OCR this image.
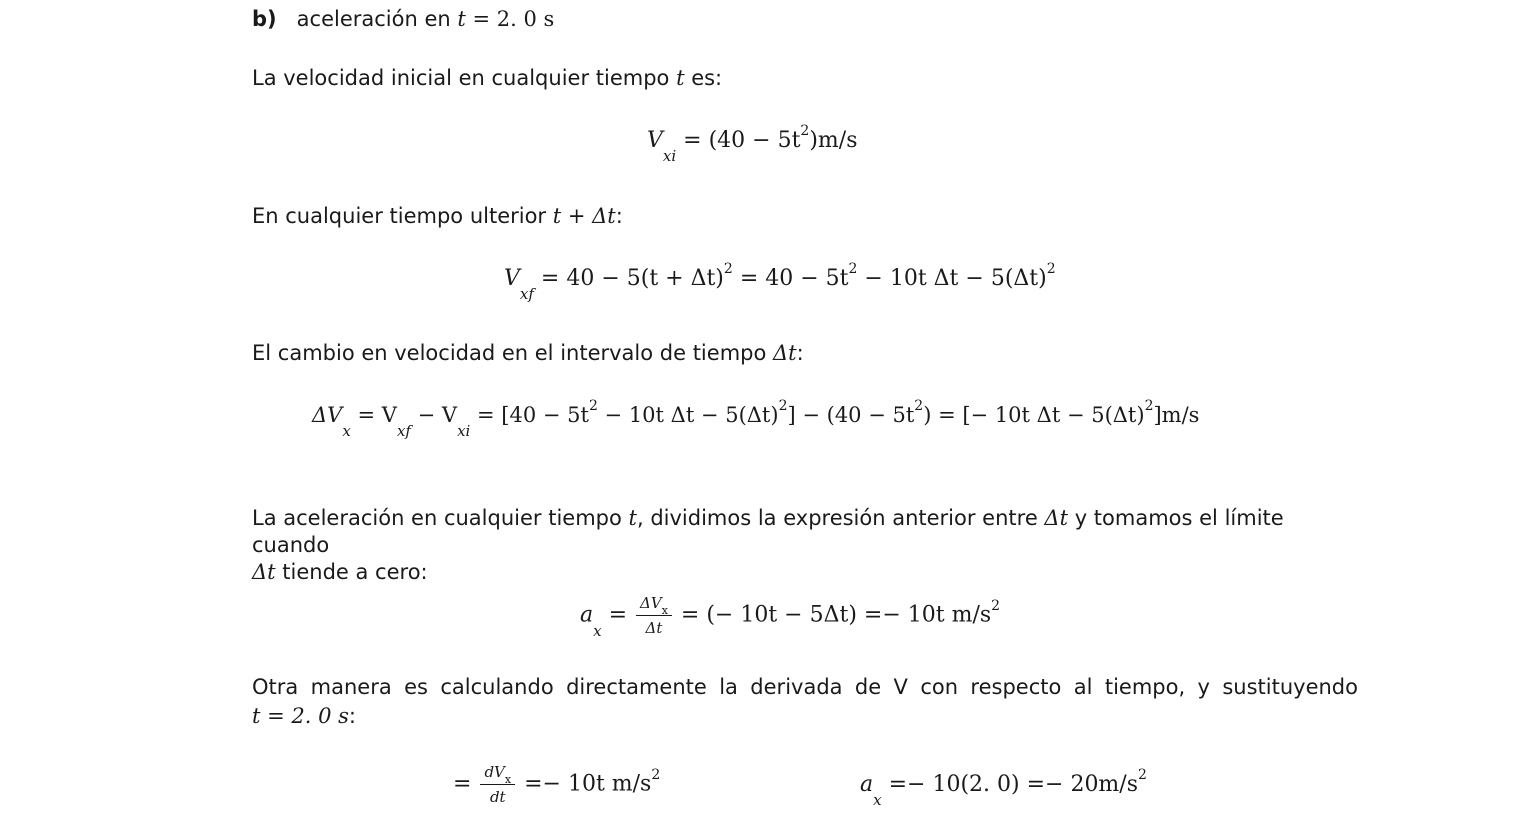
b) aceleración en t = 2. 0 s
La velocidad inicial en cualquier tiempo t es:
$V_{xi} = (40 - 5t^2)m/s$
En cualquier tiempo ulterior t + Δt:
$V_{xf} = 40 - 5(t + \Delta t)^2 = 40 - 5t^2 - 10t$ $\Delta t - 5(\Delta t)^2$
El cambio en velocidad en el intervalo de tiempo Δt:
$\Delta V_x = V_{xf} - V_{xi} = [40 - 5t^2 - 10t$ $\Delta t - 5(\Delta t)^2] - (40 - 5t^2)$ = [− 10t $\Delta t - 5(\Delta t)^2]m/s$
La aceleración en cualquier tiempo t, dividimos la expresión anterior entre Δt y tomamos el límite cuando
Δt tiende a cero:
$a_x = \frac{\Delta V_x}{\Delta t}$ = (− 10t − 5Δt) =− 10t $m/s^2$
Otra manera es calculando directamente la derivada de V con respecto al tiempo, y sustituyendo
t = 2. 0 s:
= $\frac{dV_x}{dt} =- 10t$ $m/s^2$	$a_x =- 10(2$. $0) =- 20m/s^2$
